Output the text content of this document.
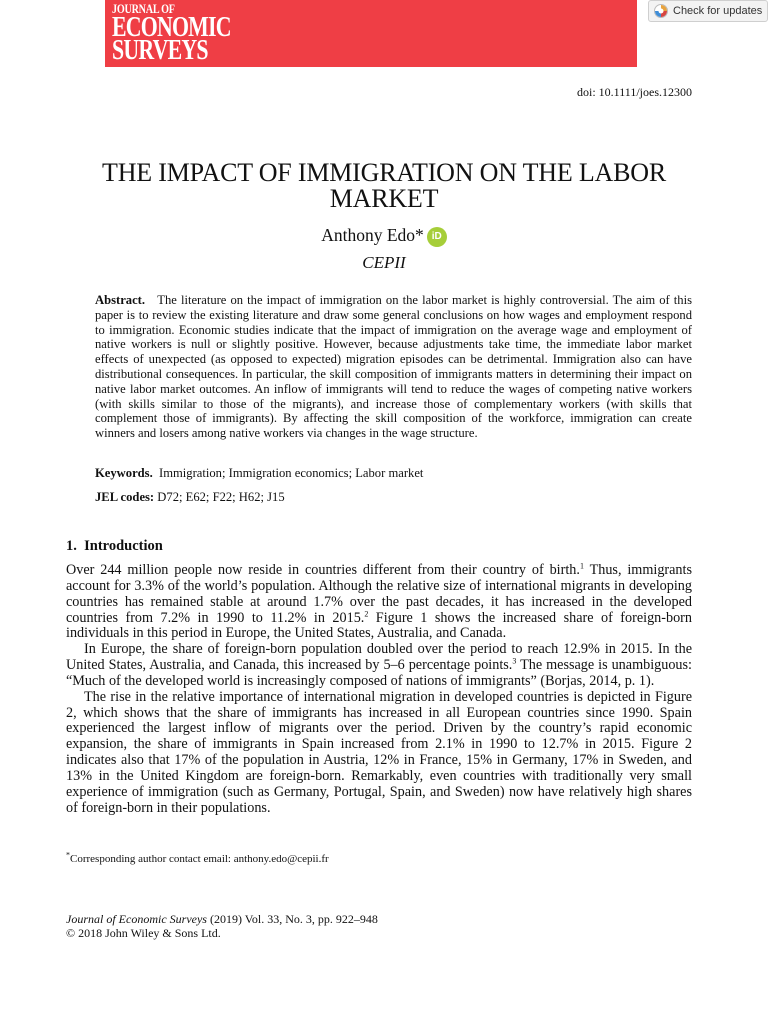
JOURNAL OF
ECONOMIC
SURVEYS
Check for updates
doi: 10.1111/joes.12300
THE IMPACT OF IMMIGRATION ON THE LABOR
MARKET
Anthony Edo* iD
CEPII
Abstract. The literature on the impact of immigration on the labor market is highly controversial. The aim of this paper is to review the existing literature and draw some general conclusions on how wages and employment respond to immigration. Economic studies indicate that the impact of immigration on the average wage and employment of native workers is null or slightly positive. However, because adjustments take time, the immediate labor market effects of unexpected (as opposed to expected) migration episodes can be detrimental. Immigration also can have distributional consequences. In particular, the skill composition of immigrants matters in determining their impact on native labor market outcomes. An inflow of immigrants will tend to reduce the wages of competing native workers (with skills similar to those of the migrants), and increase those of complementary workers (with skills that complement those of immigrants). By affecting the skill composition of the workforce, immigration can create winners and losers among native workers via changes in the wage structure.
Keywords. Immigration; Immigration economics; Labor market
JEL codes: D72; E62; F22; H62; J15
1. Introduction

Over 244 million people now reside in countries different from their country of birth.$^1$ Thus, immigrants account for 3.3% of the world’s population. Although the relative size of international migrants in developing countries has remained stable at around 1.7% over the past decades, it has increased in the developed countries from 7.2% in 1990 to 11.2% in 2015.$^2$ Figure 1 shows the increased share of foreign-born individuals in this period in Europe, the United States, Australia, and Canada.

In Europe, the share of foreign-born population doubled over the period to reach 12.9% in 2015. In the United States, Australia, and Canada, this increased by 5–6 percentage points.$^3$ The message is unambiguous: “Much of the developed world is increasingly composed of nations of immigrants” (Borjas, 2014, p. 1).

The rise in the relative importance of international migration in developed countries is depicted in Figure 2, which shows that the share of immigrants has increased in all European countries since 1990. Spain experienced the largest inflow of migrants over the period. Driven by the country’s rapid economic expansion, the share of immigrants in Spain increased from 2.1% in 1990 to 12.7% in 2015. Figure 2 indicates also that 17% of the population in Austria, 12% in France, 15% in Germany, 17% in Sweden, and 13% in the United Kingdom are foreign-born. Remarkably, even countries with traditionally very small experience of immigration (such as Germany, Portugal, Spain, and Sweden) now have relatively high shares of foreign-born in their populations.

*Corresponding author contact email: anthony.edo@cepii.fr
Journal of Economic Surveys (2019) Vol. 33, No. 3, pp. 922–948
© 2018 John Wiley & Sons Ltd.
